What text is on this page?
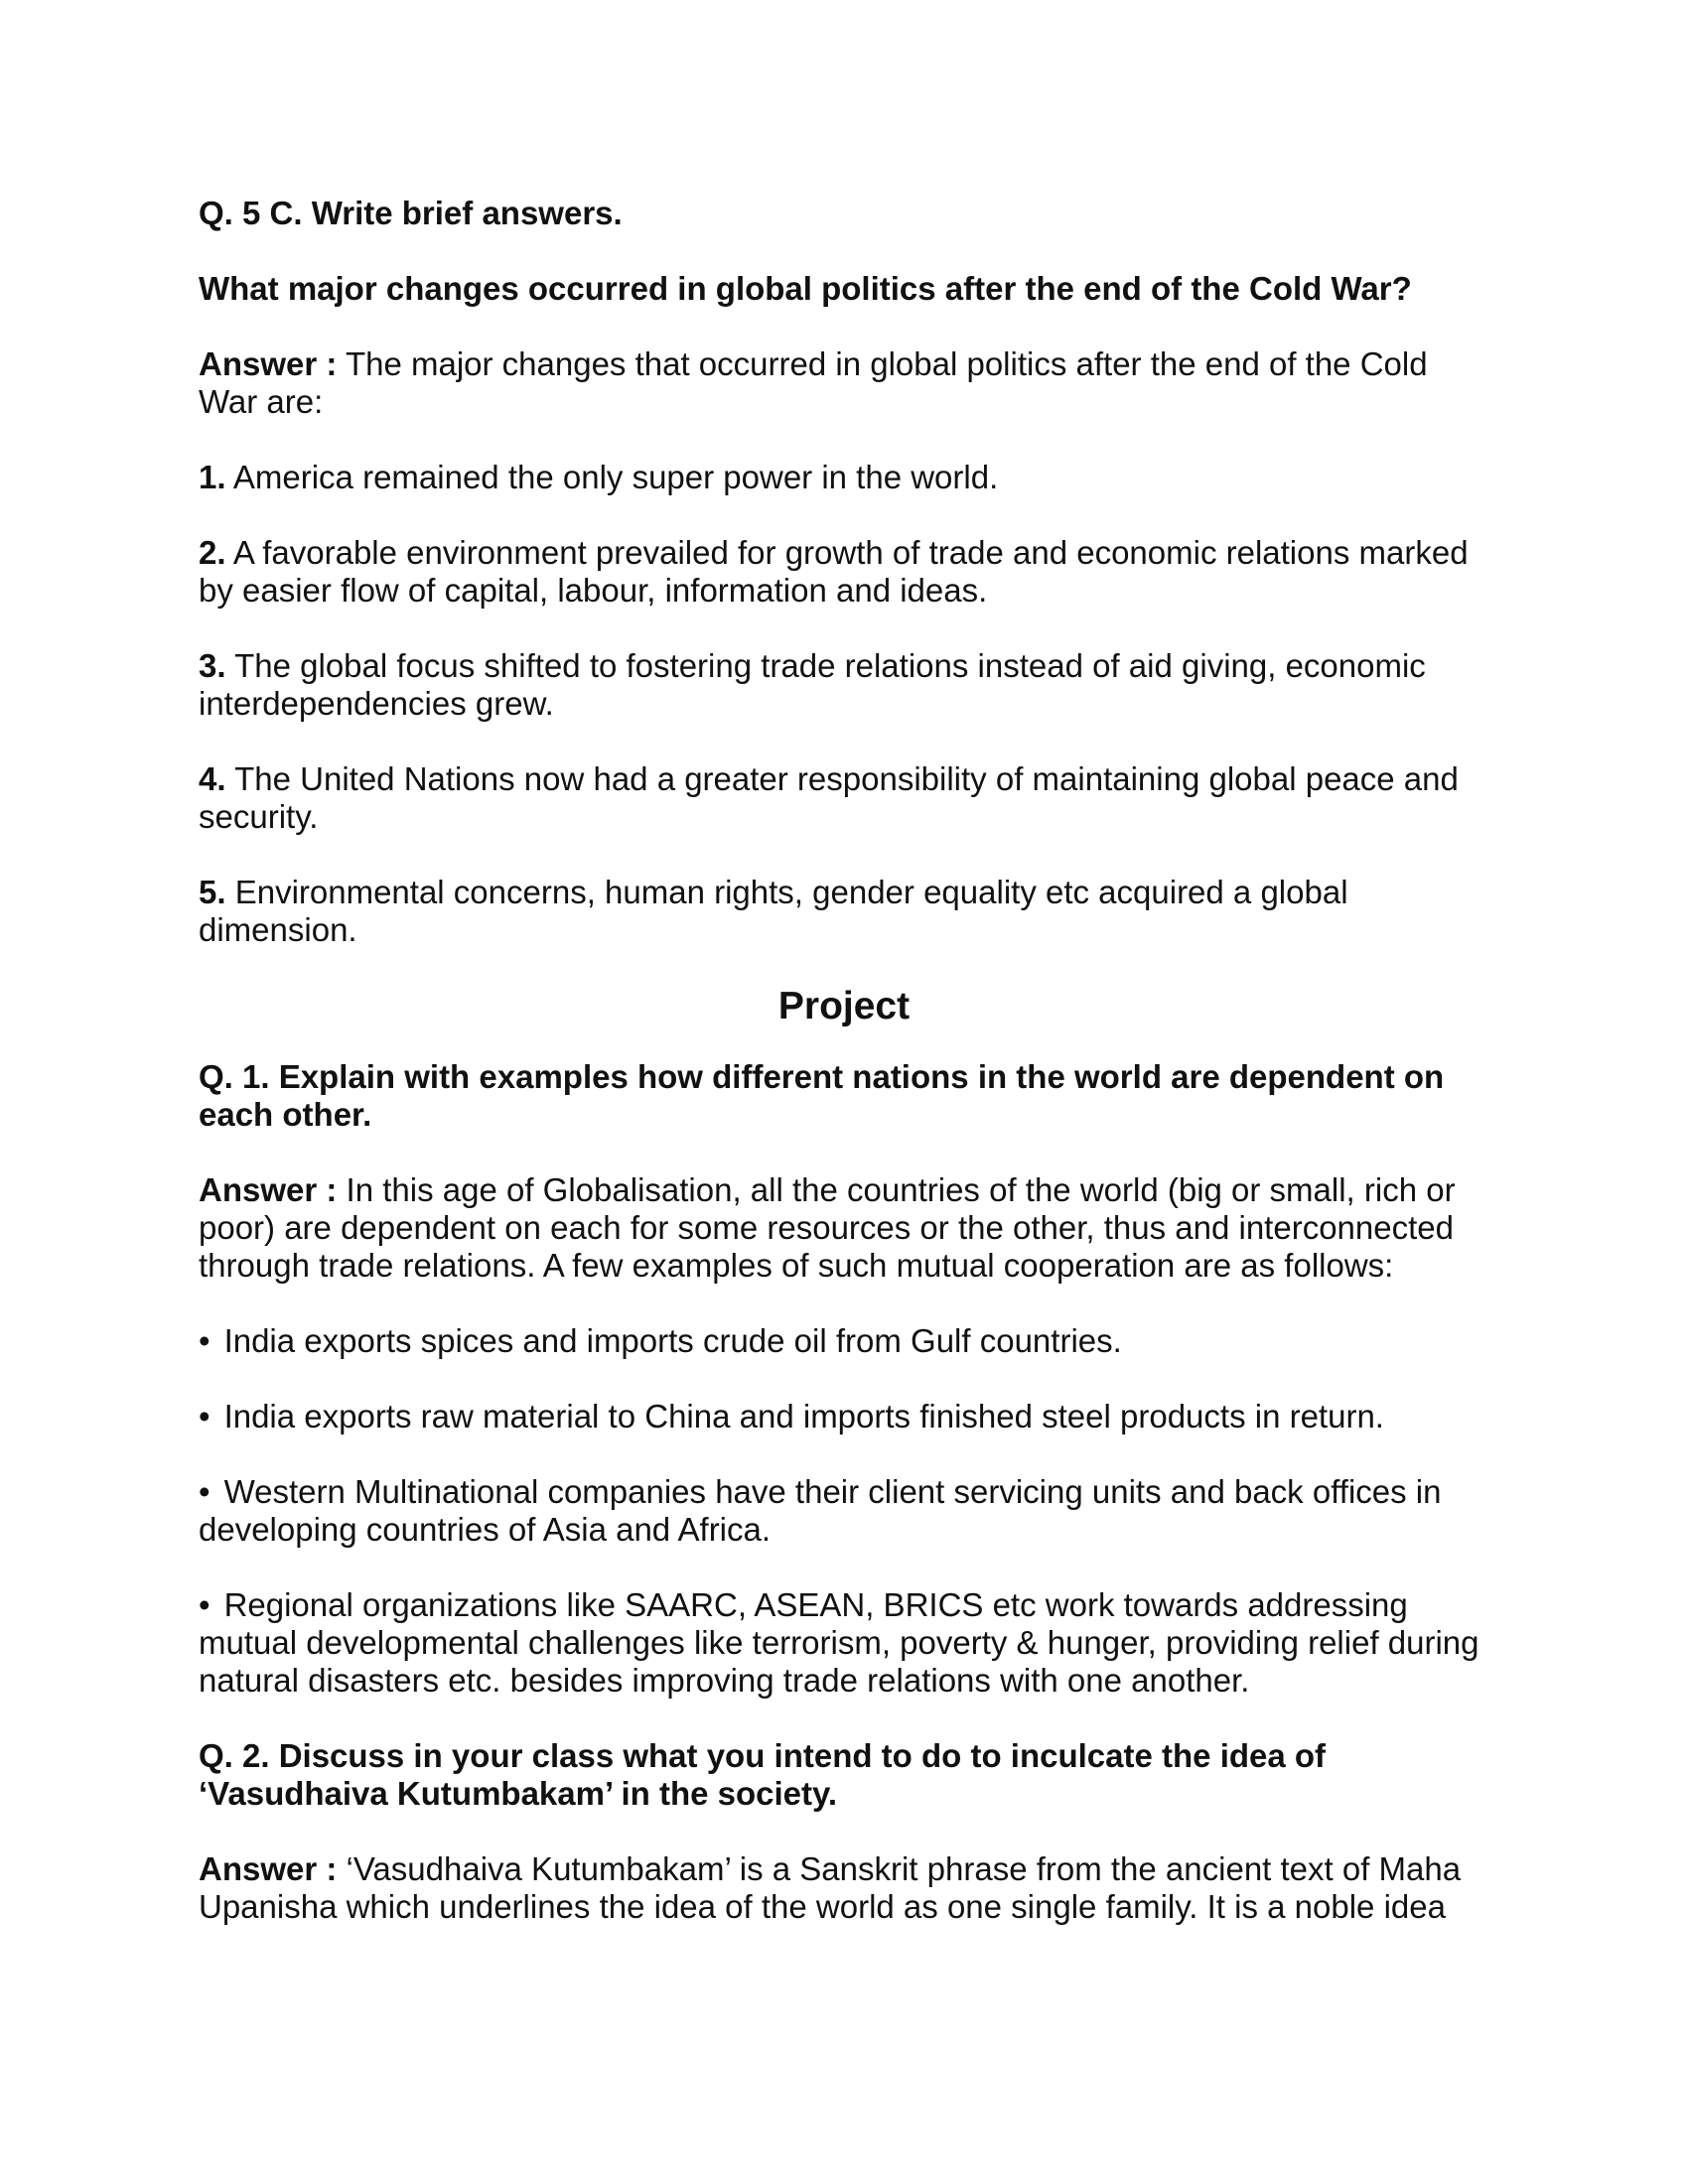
Q. 5 C. Write brief answers.

What major changes occurred in global politics after the end of the Cold War?

Answer : The major changes that occurred in global politics after the end of the Cold War are:

1. America remained the only super power in the world.

2. A favorable environment prevailed for growth of trade and economic relations marked by easier flow of capital, labour, information and ideas.

3. The global focus shifted to fostering trade relations instead of aid giving, economic interdependencies grew.

4. The United Nations now had a greater responsibility of maintaining global peace and security.

5. Environmental concerns, human rights, gender equality etc acquired a global dimension.

Project

Q. 1. Explain with examples how different nations in the world are dependent on each other.

Answer : In this age of Globalisation, all the countries of the world (big or small, rich or poor) are dependent on each for some resources or the other, thus and interconnected through trade relations. A few examples of such mutual cooperation are as follows:

• India exports spices and imports crude oil from Gulf countries.

• India exports raw material to China and imports finished steel products in return.

• Western Multinational companies have their client servicing units and back offices in developing countries of Asia and Africa.

• Regional organizations like SAARC, ASEAN, BRICS etc work towards addressing mutual developmental challenges like terrorism, poverty & hunger, providing relief during natural disasters etc. besides improving trade relations with one another.

Q. 2. Discuss in your class what you intend to do to inculcate the idea of ‘Vasudhaiva Kutumbakam’ in the society.

Answer : ‘Vasudhaiva Kutumbakam’ is a Sanskrit phrase from the ancient text of Maha Upanisha which underlines the idea of the world as one single family. It is a noble idea
